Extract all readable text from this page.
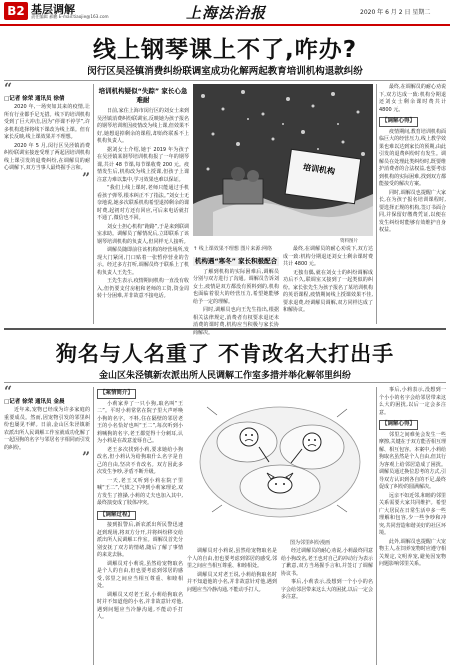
B2 基层调解
责任编辑 郝鹏 E-mail:tiaojie@163.com	上海法治报	2020 年 6 月 2 日 星期二
线上钢琴课上不了,咋办?
闵行区吴泾镇消费纠纷联调室成功化解两起教育培训机构退款纠纷
“
□记者 徐荣 通讯员 徐倩

2020 年,一场突如其来的疫情,让所有行业都手足无措。线下的培训机构受到了巨大冲击,因为“停课不停学”,许多机构选择将线下课改为线上课。但有家长反映,线上课效果并不理想。

2020 年 5 月,闵行区吴泾镇消费纠纷联调室接连受理了两起因培训机构线上课引发的退费纠纷,在调解员的耐心调解下,双方当事人最终握手言和。

”
培训机构疑似“失踪” 家长心急难耐

日前,家住上海市闵行区的刘女士来到吴泾镇消费纠纷联调室,反映她为孩子报名的钢琴培训班因疫情改为线上课,但效果不好,她想退掉剩余的课程,却始终联系不上机构负责人。

据刘女士介绍,她于 2019 年为孩子在吴泾镇某钢琴培训机构报了一年的钢琴课,共计 48 节课,每节课收费 200 元。疫情发生后,机构改为线上授课,但孩子上课注意力难以集中,学习效果也难以保证。

“我们上线上课时,老师只能通过手机看孩子弹琴,根本纠正不了指法。”刘女士无奈地说,她多次联系机构希望退掉剩余的课时费,起初对方还有回应,可后来电话就打不通了,微信也不回。

刘女士担心机构“跑路”,于是来到联调室求助。调解员了解情况后,立即联系了该钢琴培训机构的负责人,但同样无人接听。

调解员随即前往该机构的经营场所,发现大门紧闭,门口贴着一张暂停营业的告示。经过多方打听,调解员终于联系上了机构负责人王先生。

王先生表示,疫情期间机构一直没有收入,但仍要支付房租和老师的工资,资金周转十分困难,并非故意不接电话。

培训机构
资料图片
↑ 线上课效果不理想 图片来源:网络
机构遇“寒冬” 家长积极配合

了解到机构的实际困难后,调解员分别与双方进行了沟通。调解员告诉刘女士,疫情是双方都没有预料到的,机构也面临着很大的经营压力,希望她能够给予一定的理解。

同时,调解员也向王先生指出,根据相关法律规定,消费者有权要求退还未消费的课时费,机构应当积极与家长协商解决。

最终,在调解员的耐心劝说下,双方达成一致:机构分期退还刘女士剩余课时费共计 4800 元。

无独有偶,就在刘女士的纠纷调解成功后不久,联调室又接到了一起类似的纠纷。家长张先生为孩子报名了某培训机构的英语课程,疫情期间线上授课效果不佳,要求退费,经调解员调解,双方同样达成了和解协议。

最终,在调解员的耐心劝说下,双方达成一致:机构分期退还刘女士剩余课时费共计 4800 元。

【调解心得】

疫情期间,教育培训机构面临巨大的经营压力,线上教学效果也难以达到家长的预期,由此引发的退费纠纷时有发生。调解员在处理此类纠纷时,既要维护消费者的合法权益,也要考虑到机构的实际困难,找到双方都能接受的解决方案。

同时,调解员也提醒广大家长,在为孩子报名培训课程时,要选择正规的机构,签订书面合同,并保留好缴费凭证,以便在发生纠纷时能够有效维护自身权益。

狗名与人名重了 不肯改名大打出手
金山区朱泾镇新农派出所人民调解工作室多措并举化解邻里纠纷
“
□记者 徐荣 通讯员 金晨

近年来,宠物已经成为许多家庭的重要成员。然而,因宠物引发的邻里纠纷也屡见不鲜。日前,金山区朱泾镇新农派出所人民调解工作室就成功化解了一起因狗的名字与邻居名字相同而引发的纠纷。

”
【案情简介】

小莉家养了一只小狗,取名叫“王二”。平时小莉常常在院子里大声呼唤小狗的名字。不料,住在隔壁的邻居老王的小名恰好也叫“王二”,每次听到小莉喊狗的名字,老王都觉得十分刺耳,认为小莉是在故意羞辱自己。

老王多次找到小莉,要求她给小狗改名,但小莉认为给狗取什么名字是自己的自由,坚决不肯改名。双方因此多次发生争吵,矛盾不断升级。

一天,老王又听到小莉在院子里喊“王二”,气愤之下冲到小莉家理论,双方发生了推搡,小莉的丈夫也加入其中,最终演变成了肢体冲突。

【调解过程】

接到报警后,新农派出所民警迅速赶到现场,将双方分开,并将纠纷移交给派出所人民调解工作室。调解员首先分别安抚了双方的情绪,随后了解了事情的来龙去脉。

调解员对小莉说,虽然给宠物取名是个人的自由,但也要考虑到邻居的感受,邻里之间应当相互尊重、和睦相处。

调解员又对老王说,小莉给狗取名时并不知道他的小名,并非故意针对他,遇到问题应当冷静沟通,不能动手打人。

图为邻里纠纷漫画

调解员对小莉说,虽然给宠物取名是个人的自由,但也要考虑到邻居的感受,邻里之间应当相互尊重、和睦相处。

调解员又对老王说,小莉给狗取名时并不知道他的小名,并非故意针对他,遇到问题应当冷静沟通,不能动手打人。

经过调解员的耐心劝说,小莉最终同意给小狗改名,老王也对自己的冲动行为表示了歉意,双方当场握手言和,并签订了调解协议书。

事后,小莉表示,没想到一个小小的名字会给邻居带来这么大的困扰,以后一定会多注意。

事后,小莉表示,没想到一个小小的名字会给邻居带来这么大的困扰,以后一定会多注意。

【调解心得】

邻里之间难免会发生一些摩擦,关键在于双方能否相互理解、相互包容。本案中,小莉给狗取名虽然是个人自由,但其行为客观上给邻居造成了困扰。调解员通过换位思考的方式,引导双方认识到各自的不足,最终促成了纠纷的圆满解决。

远亲不如近邻,和睦的邻里关系需要大家共同维护。希望广大居民在日常生活中多一些理解和包容,少一些争吵和冲突,共同营造和谐美好的社区环境。

此外,调解员也提醒广大宠物主人,在饲养宠物时应遵守相关规定,文明养宠,避免因宠物问题影响邻里关系。
